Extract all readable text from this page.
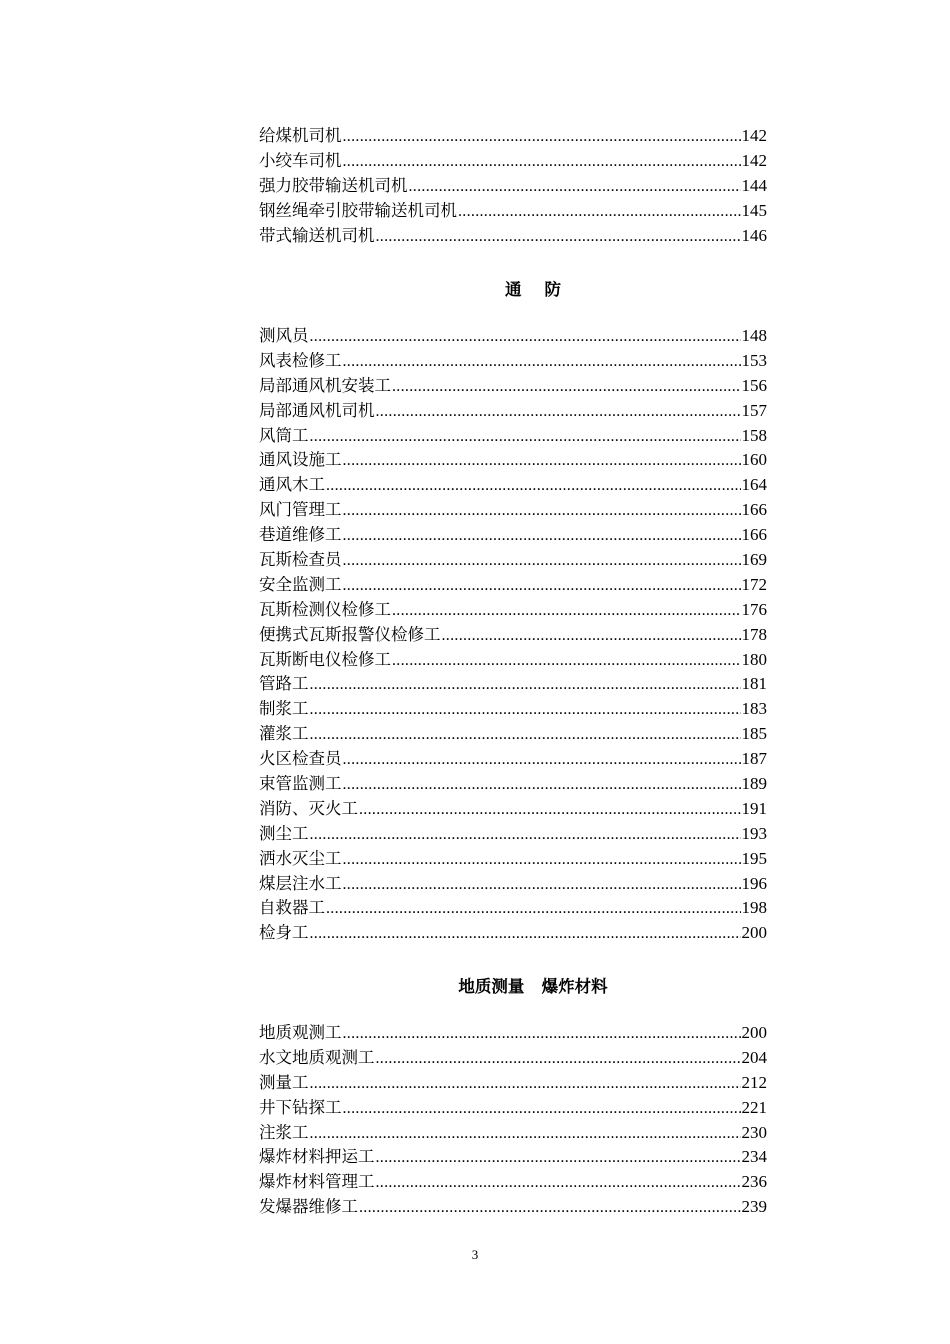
给煤机司机 .....	142
小绞车司机 .....	142
强力胶带输送机司机 .....	144
钢丝绳牵引胶带输送机司机 .....	145
带式输送机司机 .....	146
通    防
测风员 .....	148
风表检修工 .....	153
局部通风机安装工 .....	156
局部通风机司机 .....	157
风筒工 .....	158
通风设施工 .....	160
通风木工 .....	164
风门管理工 .....	166
巷道维修工 .....	166
瓦斯检查员 .....	169
安全监测工 .....	172
瓦斯检测仪检修工 .....	176
便携式瓦斯报警仪检修工 .....	178
瓦斯断电仪检修工 .....	180
管路工 .....	181
制浆工 .....	183
灌浆工 .....	185
火区检查员 .....	187
束管监测工 .....	189
消防、灭火工 .....	191
测尘工 .....	193
洒水灭尘工 .....	195
煤层注水工 .....	196
自救器工 .....	198
检身工 .....	200
地质测量   爆炸材料
地质观测工 .....	200
水文地质观测工 .....	204
测量工 .....	212
井下钻探工 .....	221
注浆工 .....	230
爆炸材料押运工 .....	234
爆炸材料管理工 .....	236
发爆器维修工 .....	239
3
